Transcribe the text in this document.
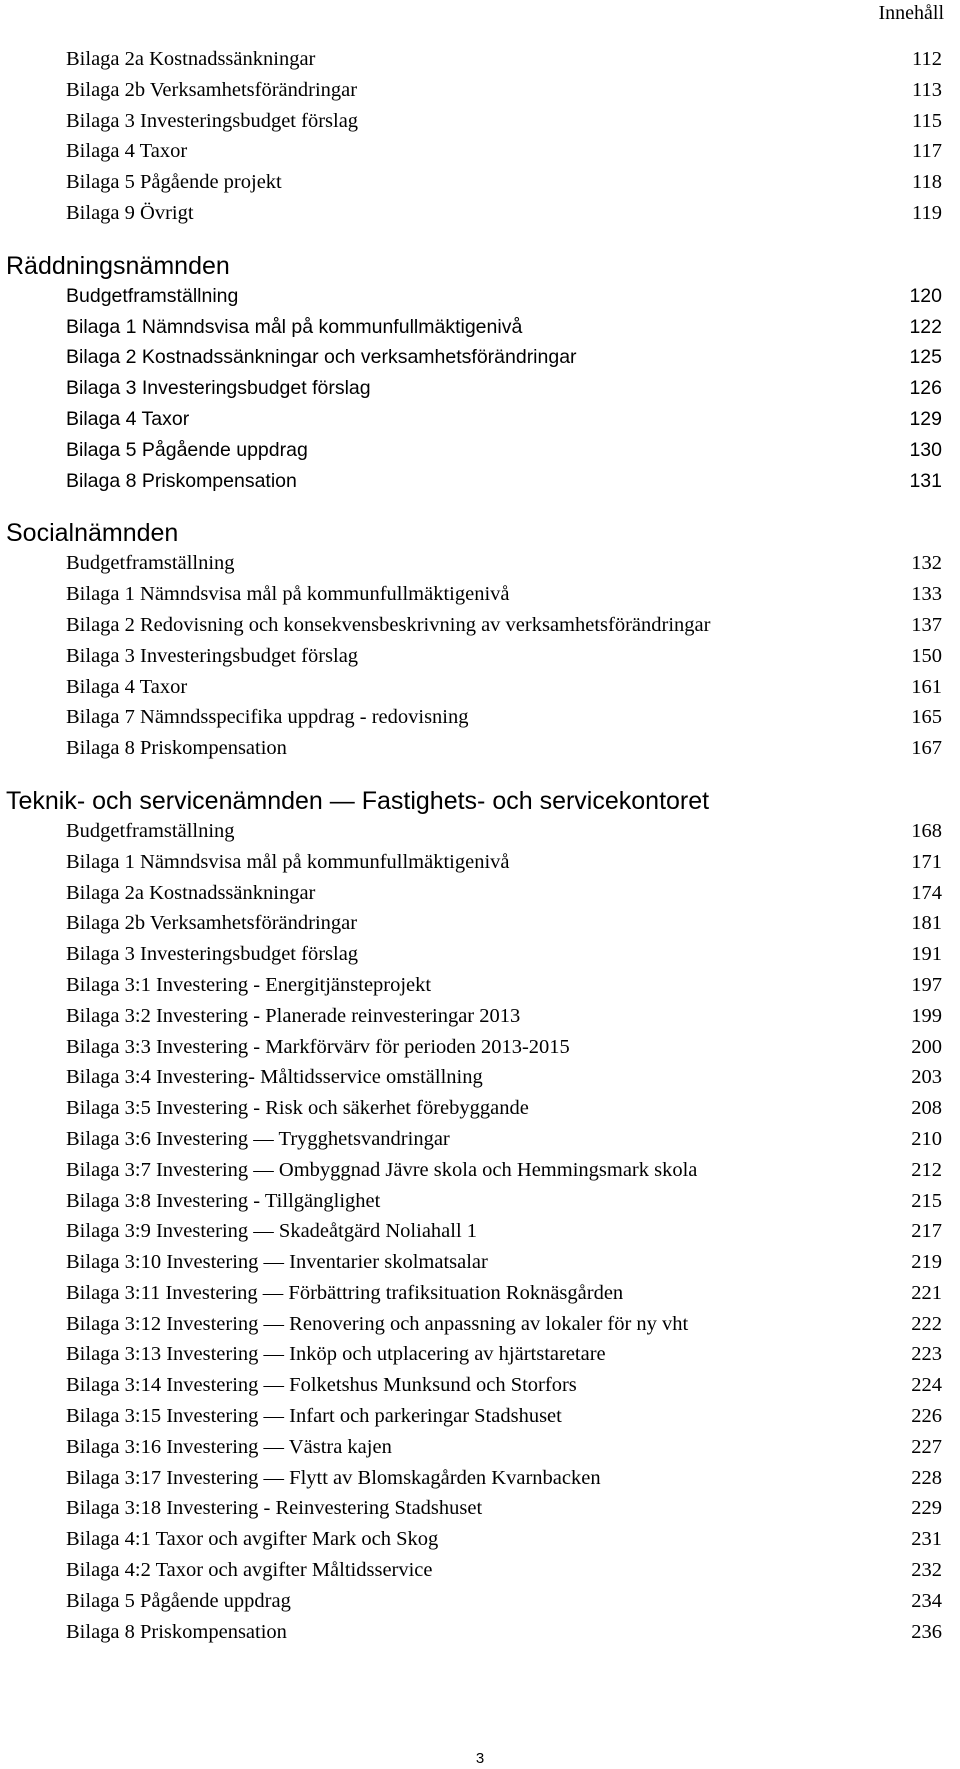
Innehåll
Bilaga 2a Kostnadssänkningar	112
Bilaga 2b Verksamhetsförändringar	113
Bilaga 3 Investeringsbudget förslag	115
Bilaga 4 Taxor	117
Bilaga 5 Pågående projekt	118
Bilaga 9 Övrigt	119
Räddningsnämnden
Budgetframställning	120
Bilaga 1 Nämndsvisa mål på kommunfullmäktigenivå	122
Bilaga 2 Kostnadssänkningar och verksamhetsförändringar	125
Bilaga 3 Investeringsbudget förslag	126
Bilaga 4 Taxor	129
Bilaga 5 Pågående uppdrag	130
Bilaga 8 Priskompensation	131
Socialnämnden
Budgetframställning	132
Bilaga 1 Nämndsvisa mål på kommunfullmäktigenivå	133
Bilaga 2 Redovisning och konsekvensbeskrivning av verksamhetsförändringar	137
Bilaga 3 Investeringsbudget förslag	150
Bilaga 4 Taxor	161
Bilaga 7 Nämndsspecifika uppdrag - redovisning	165
Bilaga 8 Priskompensation	167
Teknik- och servicenämnden — Fastighets- och servicekontoret
Budgetframställning	168
Bilaga 1 Nämndsvisa mål på kommunfullmäktigenivå	171
Bilaga 2a Kostnadssänkningar	174
Bilaga 2b Verksamhetsförändringar	181
Bilaga 3 Investeringsbudget förslag	191
Bilaga 3:1 Investering - Energitjänsteprojekt	197
Bilaga 3:2 Investering - Planerade reinvesteringar 2013	199
Bilaga 3:3 Investering - Markförvärv för perioden 2013-2015	200
Bilaga 3:4 Investering- Måltidsservice omställning	203
Bilaga 3:5 Investering - Risk och säkerhet förebyggande	208
Bilaga 3:6 Investering — Trygghetsvandringar	210
Bilaga 3:7 Investering — Ombyggnad Jävre skola och Hemmingsmark skola	212
Bilaga 3:8 Investering - Tillgänglighet	215
Bilaga 3:9 Investering — Skadeåtgärd Noliahall 1	217
Bilaga 3:10 Investering — Inventarier skolmatsalar	219
Bilaga 3:11 Investering — Förbättring trafiksituation Roknäsgården	221
Bilaga 3:12 Investering — Renovering och anpassning av lokaler för ny vht	222
Bilaga 3:13 Investering — Inköp och utplacering av hjärtstaretare	223
Bilaga 3:14 Investering — Folketshus Munksund och Storfors	224
Bilaga 3:15 Investering — Infart och parkeringar Stadshuset	226
Bilaga 3:16 Investering — Västra kajen	227
Bilaga 3:17 Investering — Flytt av Blomskagården Kvarnbacken	228
Bilaga 3:18 Investering - Reinvestering Stadshuset	229
Bilaga 4:1 Taxor och avgifter Mark och Skog	231
Bilaga 4:2 Taxor och avgifter Måltidsservice	232
Bilaga 5 Pågående uppdrag	234
Bilaga 8 Priskompensation	236
3
